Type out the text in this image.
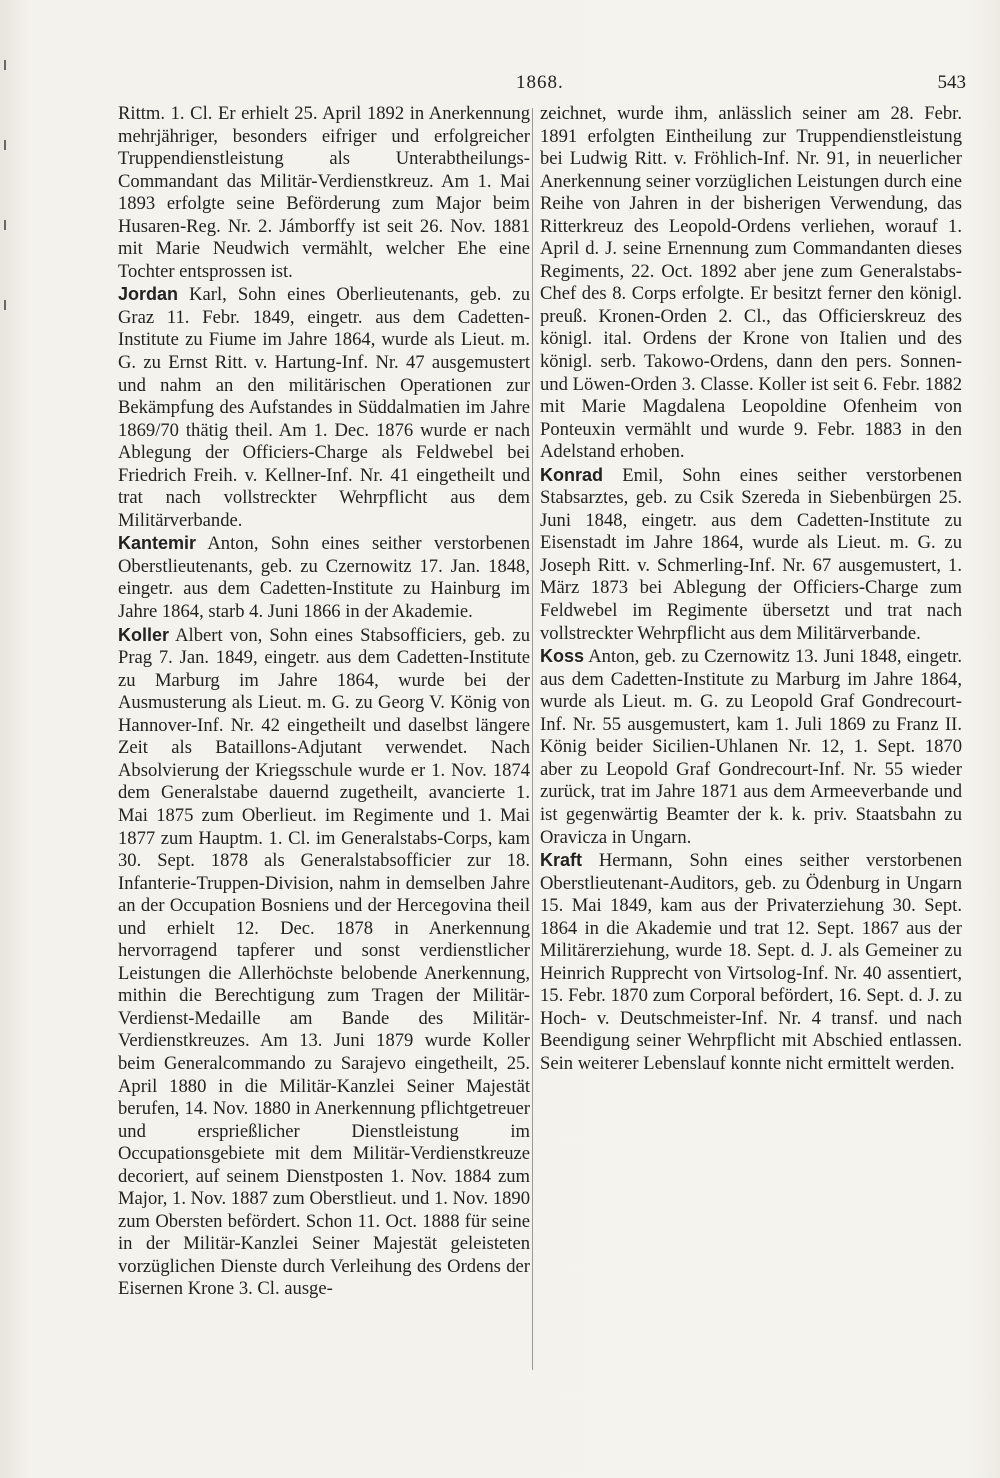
1868.	543

Rittm. 1. Cl. Er erhielt 25. April 1892 in Anerkennung mehrjähriger, besonders eifriger und erfolgreicher Truppendienstleistung als Unterabtheilungs-Commandant das Militär-Verdienstkreuz. Am 1. Mai 1893 erfolgte seine Beförderung zum Major beim Husaren-Reg. Nr. 2. Jámborffy ist seit 26. Nov. 1881 mit Marie Neudwich vermählt, welcher Ehe eine Tochter entsprossen ist.

Jordan Karl, Sohn eines Oberlieutenants, geb. zu Graz 11. Febr. 1849, eingetr. aus dem Cadetten-Institute zu Fiume im Jahre 1864, wurde als Lieut. m. G. zu Ernst Ritt. v. Hartung-Inf. Nr. 47 ausgemustert und nahm an den militärischen Operationen zur Bekämpfung des Aufstandes in Süddalmatien im Jahre 1869/70 thätig theil. Am 1. Dec. 1876 wurde er nach Ablegung der Officiers-Charge als Feldwebel bei Friedrich Freih. v. Kellner-Inf. Nr. 41 eingetheilt und trat nach vollstreckter Wehrpflicht aus dem Militärverbande.

Kantemir Anton, Sohn eines seither verstorbenen Oberstlieutenants, geb. zu Czernowitz 17. Jan. 1848, eingetr. aus dem Cadetten-Institute zu Hainburg im Jahre 1864, starb 4. Juni 1866 in der Akademie.

Koller Albert von, Sohn eines Stabsofficiers, geb. zu Prag 7. Jan. 1849, eingetr. aus dem Cadetten-Institute zu Marburg im Jahre 1864, wurde bei der Ausmusterung als Lieut. m. G. zu Georg V. König von Hannover-Inf. Nr. 42 eingetheilt und daselbst längere Zeit als Bataillons-Adjutant verwendet. Nach Absolvierung der Kriegsschule wurde er 1. Nov. 1874 dem Generalstabe dauernd zugetheilt, avancierte 1. Mai 1875 zum Oberlieut. im Regimente und 1. Mai 1877 zum Hauptm. 1. Cl. im Generalstabs-Corps, kam 30. Sept. 1878 als Generalstabsofficier zur 18. Infanterie-Truppen-Division, nahm in demselben Jahre an der Occupation Bosniens und der Hercegovina theil und erhielt 12. Dec. 1878 in Anerkennung hervorragend tapferer und sonst verdienstlicher Leistungen die Allerhöchste belobende Anerkennung, mithin die Berechtigung zum Tragen der Militär-Verdienst-Medaille am Bande des Militär-Verdienstkreuzes. Am 13. Juni 1879 wurde Koller beim Generalcommando zu Sarajevo eingetheilt, 25. April 1880 in die Militär-Kanzlei Seiner Majestät berufen, 14. Nov. 1880 in Anerkennung pflichtgetreuer und ersprießlicher Dienstleistung im Occupationsgebiete mit dem Militär-Verdienstkreuze decoriert, auf seinem Dienstposten 1. Nov. 1884 zum Major, 1. Nov. 1887 zum Oberstlieut. und 1. Nov. 1890 zum Obersten befördert. Schon 11. Oct. 1888 für seine in der Militär-Kanzlei Seiner Majestät geleisteten vorzüglichen Dienste durch Verleihung des Ordens der Eisernen Krone 3. Cl. ausge-

zeichnet, wurde ihm, anlässlich seiner am 28. Febr. 1891 erfolgten Eintheilung zur Truppendienstleistung bei Ludwig Ritt. v. Fröhlich-Inf. Nr. 91, in neuerlicher Anerkennung seiner vorzüglichen Leistungen durch eine Reihe von Jahren in der bisherigen Verwendung, das Ritterkreuz des Leopold-Ordens verliehen, worauf 1. April d. J. seine Ernennung zum Commandanten dieses Regiments, 22. Oct. 1892 aber jene zum Generalstabs-Chef des 8. Corps erfolgte. Er besitzt ferner den königl. preuß. Kronen-Orden 2. Cl., das Officierskreuz des königl. ital. Ordens der Krone von Italien und des königl. serb. Takowo-Ordens, dann den pers. Sonnen- und Löwen-Orden 3. Classe. Koller ist seit 6. Febr. 1882 mit Marie Magdalena Leopoldine Ofenheim von Ponteuxin vermählt und wurde 9. Febr. 1883 in den Adelstand erhoben.

Konrad Emil, Sohn eines seither verstorbenen Stabsarztes, geb. zu Csik Szereda in Siebenbürgen 25. Juni 1848, eingetr. aus dem Cadetten-Institute zu Eisenstadt im Jahre 1864, wurde als Lieut. m. G. zu Joseph Ritt. v. Schmerling-Inf. Nr. 67 ausgemustert, 1. März 1873 bei Ablegung der Officiers-Charge zum Feldwebel im Regimente übersetzt und trat nach vollstreckter Wehrpflicht aus dem Militärverbande.

Koss Anton, geb. zu Czernowitz 13. Juni 1848, eingetr. aus dem Cadetten-Institute zu Marburg im Jahre 1864, wurde als Lieut. m. G. zu Leopold Graf Gondrecourt-Inf. Nr. 55 ausgemustert, kam 1. Juli 1869 zu Franz II. König beider Sicilien-Uhlanen Nr. 12, 1. Sept. 1870 aber zu Leopold Graf Gondrecourt-Inf. Nr. 55 wieder zurück, trat im Jahre 1871 aus dem Armeeverbande und ist gegenwärtig Beamter der k. k. priv. Staatsbahn zu Oravicza in Ungarn.

Kraft Hermann, Sohn eines seither verstorbenen Oberstlieutenant-Auditors, geb. zu Ödenburg in Ungarn 15. Mai 1849, kam aus der Privaterziehung 30. Sept. 1864 in die Akademie und trat 12. Sept. 1867 aus der Militärerziehung, wurde 18. Sept. d. J. als Gemeiner zu Heinrich Rupprecht von Virtsolog-Inf. Nr. 40 assentiert, 15. Febr. 1870 zum Corporal befördert, 16. Sept. d. J. zu Hoch- v. Deutschmeister-Inf. Nr. 4 transf. und nach Beendigung seiner Wehrpflicht mit Abschied entlassen. Sein weiterer Lebenslauf konnte nicht ermittelt werden.
